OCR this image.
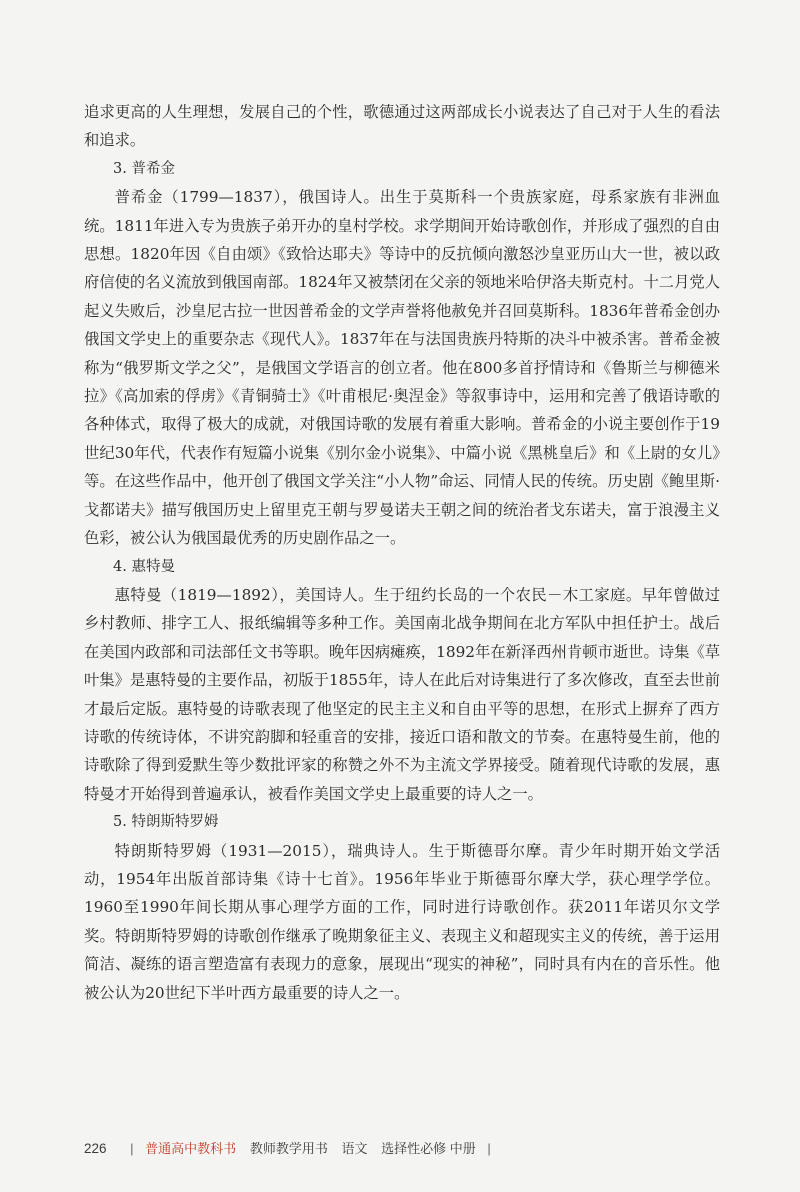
追求更高的人生理想，发展自己的个性，歌德通过这两部成长小说表达了自己对于人生的看法和追求。

3. 普希金

普希金（1799—1837），俄国诗人。出生于莫斯科一个贵族家庭，母系家族有非洲血统。1811年进入专为贵族子弟开办的皇村学校。求学期间开始诗歌创作，并形成了强烈的自由思想。1820年因《自由颂》《致恰达耶夫》等诗中的反抗倾向激怒沙皇亚历山大一世，被以政府信使的名义流放到俄国南部。1824年又被禁闭在父亲的领地米哈伊洛夫斯克村。十二月党人起义失败后，沙皇尼古拉一世因普希金的文学声誉将他赦免并召回莫斯科。1836年普希金创办俄国文学史上的重要杂志《现代人》。1837年在与法国贵族丹特斯的决斗中被杀害。普希金被称为“俄罗斯文学之父”，是俄国文学语言的创立者。他在800多首抒情诗和《鲁斯兰与柳德米拉》《高加索的俘虏》《青铜骑士》《叶甫根尼·奥涅金》等叙事诗中，运用和完善了俄语诗歌的各种体式，取得了极大的成就，对俄国诗歌的发展有着重大影响。普希金的小说主要创作于19世纪30年代，代表作有短篇小说集《别尔金小说集》、中篇小说《黑桃皇后》和《上尉的女儿》等。在这些作品中，他开创了俄国文学关注“小人物”命运、同情人民的传统。历史剧《鲍里斯·戈都诺夫》描写俄国历史上留里克王朝与罗曼诺夫王朝之间的统治者戈东诺夫，富于浪漫主义色彩，被公认为俄国最优秀的历史剧作品之一。

4. 惠特曼

惠特曼（1819—1892），美国诗人。生于纽约长岛的一个农民－木工家庭。早年曾做过乡村教师、排字工人、报纸编辑等多种工作。美国南北战争期间在北方军队中担任护士。战后在美国内政部和司法部任文书等职。晚年因病瘫痪，1892年在新泽西州肯顿市逝世。诗集《草叶集》是惠特曼的主要作品，初版于1855年，诗人在此后对诗集进行了多次修改，直至去世前才最后定版。惠特曼的诗歌表现了他坚定的民主主义和自由平等的思想，在形式上摒弃了西方诗歌的传统诗体，不讲究韵脚和轻重音的安排，接近口语和散文的节奏。在惠特曼生前，他的诗歌除了得到爱默生等少数批评家的称赞之外不为主流文学界接受。随着现代诗歌的发展，惠特曼才开始得到普遍承认，被看作美国文学史上最重要的诗人之一。

5. 特朗斯特罗姆

特朗斯特罗姆（1931—2015），瑞典诗人。生于斯德哥尔摩。青少年时期开始文学活动，1954年出版首部诗集《诗十七首》。1956年毕业于斯德哥尔摩大学，获心理学学位。1960至1990年间长期从事心理学方面的工作，同时进行诗歌创作。获2011年诺贝尔文学奖。特朗斯特罗姆的诗歌创作继承了晚期象征主义、表现主义和超现实主义的传统，善于运用简洁、凝练的语言塑造富有表现力的意象，展现出“现实的神秘”，同时具有内在的音乐性。他被公认为20世纪下半叶西方最重要的诗人之一。

226 | 普通高中教科书 教师教学用书 语文 选择性必修 中册 |
